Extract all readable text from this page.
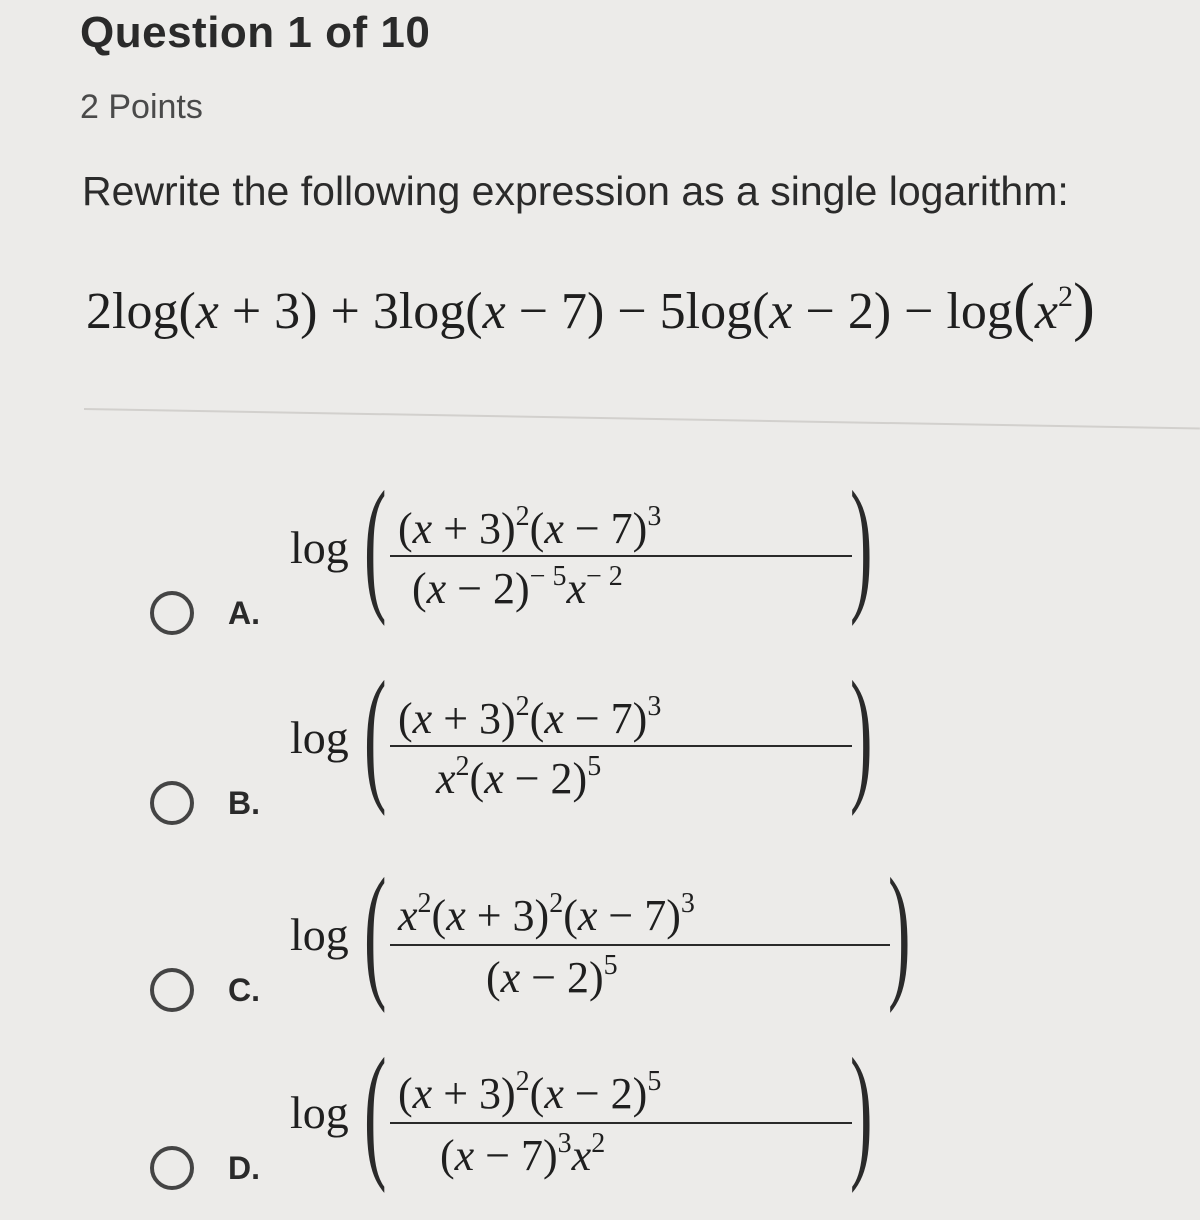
Question 1 of 10
2 Points
Rewrite the following expression as a single logarithm:
$2\log(x + 3) + 3\log(x - 7) - 5\log(x - 2) - \log(x^2)$
A.
log ( $(x + 3)^2(x - 7)^3$
$(x - 2)^{- 5}x^{- 2}$ )
B.
log ( $(x + 3)^2(x - 7)^3$
$x^2(x - 2)^5$ )
C.
log ( $x^2(x + 3)^2(x - 7)^3$
$(x - 2)^5$ )
D.
log ( $(x + 3)^2(x - 2)^5$
$(x - 7)^3x^2$ )
